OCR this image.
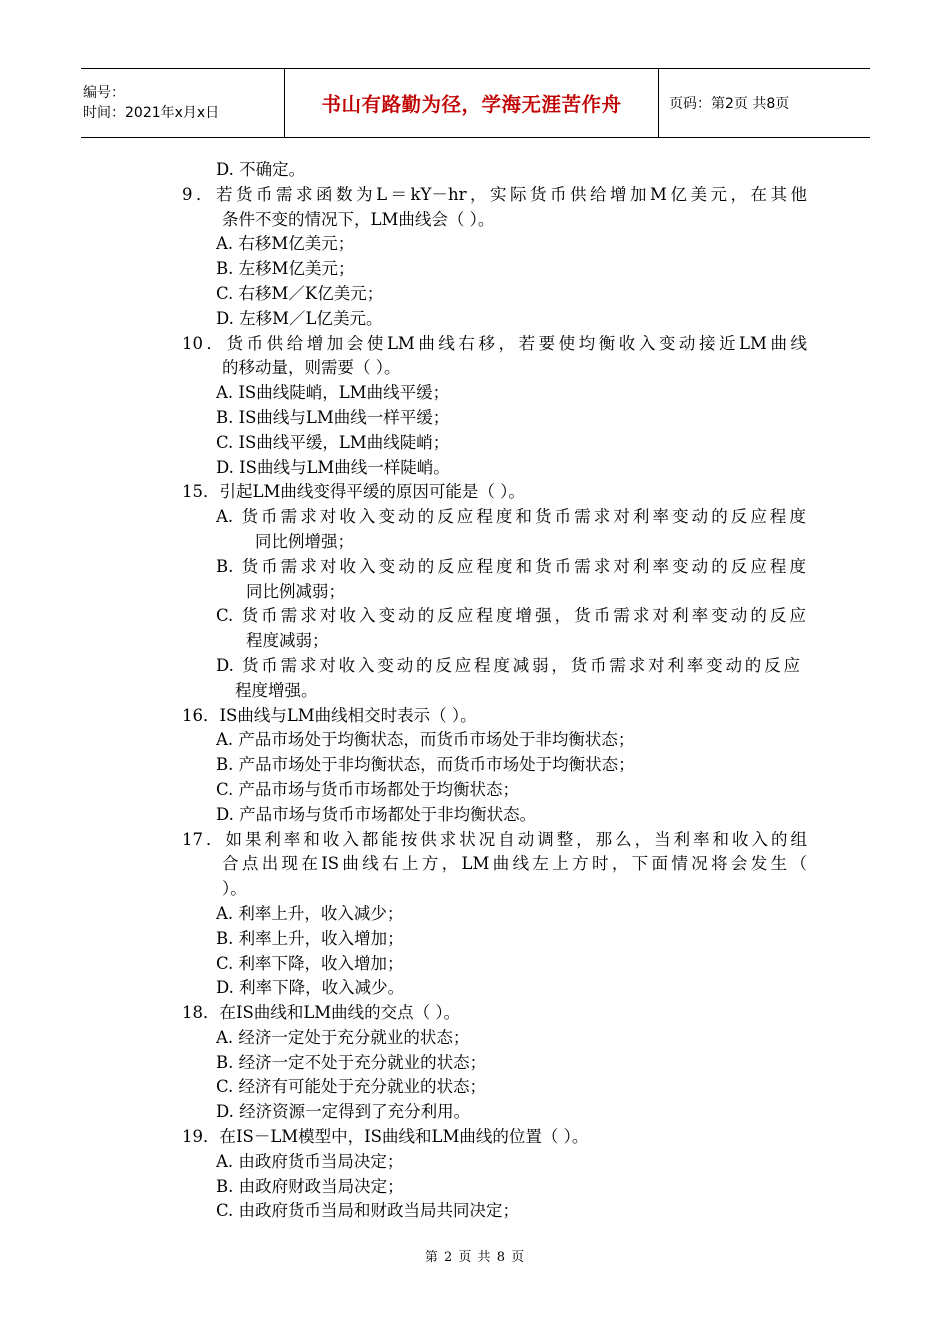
编号：
时间：2021年x月x日	书山有路勤为径，学海无涯苦作舟	页码：第2页 共8页
D. 不确定。
9．若货币需求函数为L＝kY－hr，实际货币供给增加M亿美元，在其他
条件不变的情况下，LM曲线会（ ）。
A. 右移M亿美元；
B. 左移M亿美元；
C. 右移M／K亿美元；
D. 左移M／L亿美元。
10．货币供给增加会使LM曲线右移，若要使均衡收入变动接近LM曲线
的移动量，则需要（ ）。
A. IS曲线陡峭，LM曲线平缓；
B. IS曲线与LM曲线一样平缓；
C. IS曲线平缓，LM曲线陡峭；
D. IS曲线与LM曲线一样陡峭。
15．引起LM曲线变得平缓的原因可能是（ ）。
A. 货币需求对收入变动的反应程度和货币需求对利率变动的反应程度
同比例增强；
B. 货币需求对收入变动的反应程度和货币需求对利率变动的反应程度
同比例减弱；
C. 货币需求对收入变动的反应程度增强，货币需求对利率变动的反应
程度减弱；
D. 货币需求对收入变动的反应程度减弱，货币需求对利率变动的反应
程度增强。
16．IS曲线与LM曲线相交时表示（ ）。
A. 产品市场处于均衡状态，而货币市场处于非均衡状态；
B. 产品市场处于非均衡状态，而货币市场处于均衡状态；
C. 产品市场与货币市场都处于均衡状态；
D. 产品市场与货币市场都处于非均衡状态。
17．如果利率和收入都能按供求状况自动调整，那么，当利率和收入的组
合点出现在IS曲线右上方，LM曲线左上方时，下面情况将会发生（
）。
A. 利率上升，收入减少；
B. 利率上升，收入增加；
C. 利率下降，收入增加；
D. 利率下降，收入减少。
18．在IS曲线和LM曲线的交点（ ）。
A. 经济一定处于充分就业的状态；
B. 经济一定不处于充分就业的状态；
C. 经济有可能处于充分就业的状态；
D. 经济资源一定得到了充分利用。
19．在IS－LM模型中，IS曲线和LM曲线的位置（ ）。
A. 由政府货币当局决定；
B. 由政府财政当局决定；
C. 由政府货币当局和财政当局共同决定；
第 2 页 共 8 页
